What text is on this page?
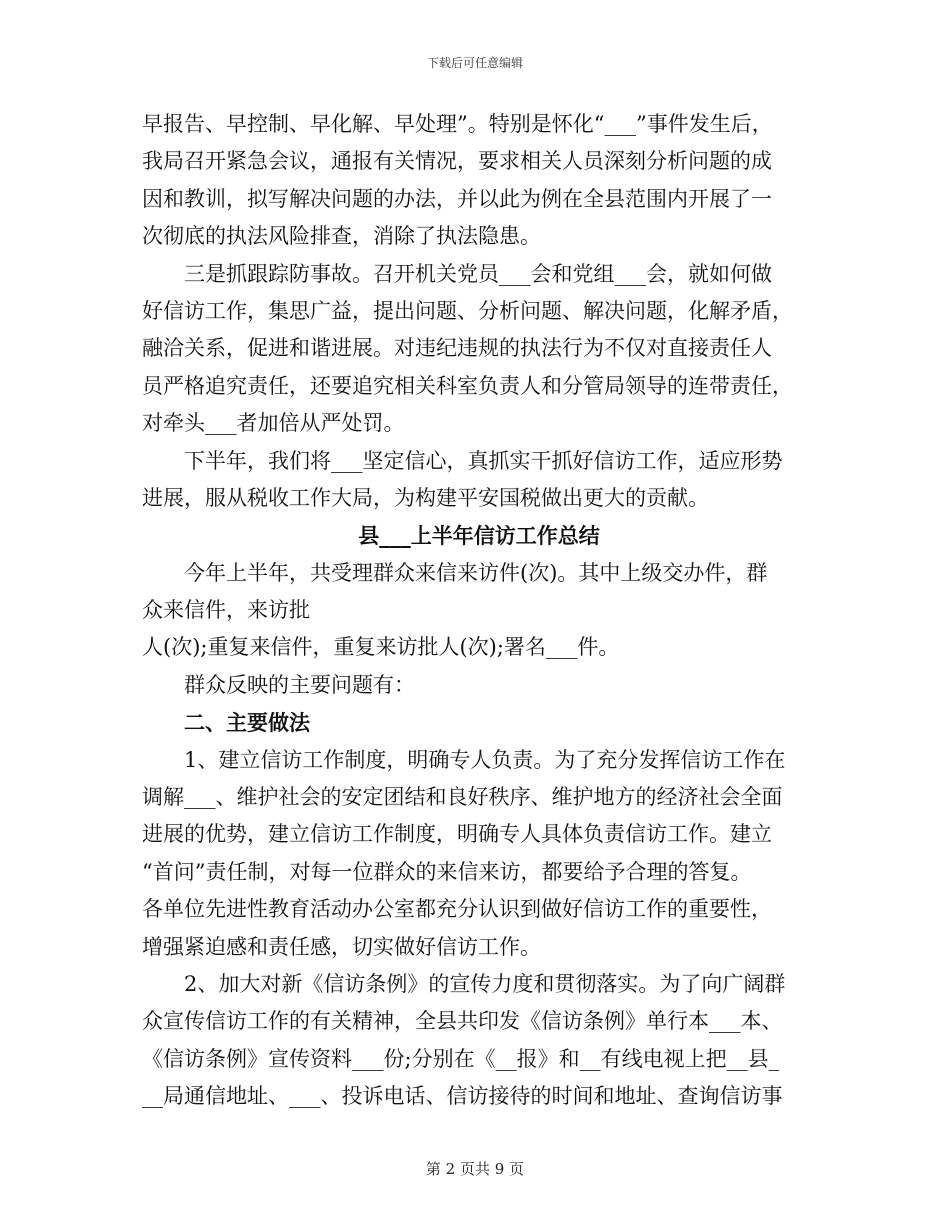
下载后可任意编辑
早报告、早控制、早化解、早处理”。特别是怀化“___”事件发生后，
我局召开紧急会议，通报有关情况，要求相关人员深刻分析问题的成
因和教训，拟写解决问题的办法，并以此为例在全县范围内开展了一
次彻底的执法风险排查，消除了执法隐患。
三是抓跟踪防事故。召开机关党员___会和党组___会，就如何做
好信访工作，集思广益，提出问题、分析问题、解决问题，化解矛盾，
融洽关系，促进和谐进展。对违纪违规的执法行为不仅对直接责任人
员严格追究责任，还要追究相关科室负责人和分管局领导的连带责任，
对牵头___者加倍从严处罚。
下半年，我们将___坚定信心，真抓实干抓好信访工作，适应形势
进展，服从税收工作大局，为构建平安国税做出更大的贡献。
县___上半年信访工作总结
今年上半年，共受理群众来信来访件(次)。其中上级交办件，群
众来信件，来访批
人(次);重复来信件，重复来访批人(次);署名___件。
群众反映的主要问题有：
二、主要做法
1、建立信访工作制度，明确专人负责。为了充分发挥信访工作在
调解___、维护社会的安定团结和良好秩序、维护地方的经济社会全面
进展的优势，建立信访工作制度，明确专人具体负责信访工作。建立
“首问”责任制，对每一位群众的来信来访，都要给予合理的答复。
各单位先进性教育活动办公室都充分认识到做好信访工作的重要性，
增强紧迫感和责任感，切实做好信访工作。
2、加大对新《信访条例》的宣传力度和贯彻落实。为了向广阔群
众宣传信访工作的有关精神，全县共印发《信访条例》单行本___本、
《信访条例》宣传资料___份;分别在《__报》和__有线电视上把__县_
__局通信地址、___、投诉电话、信访接待的时间和地址、查询信访事
第 2 页共 9 页
